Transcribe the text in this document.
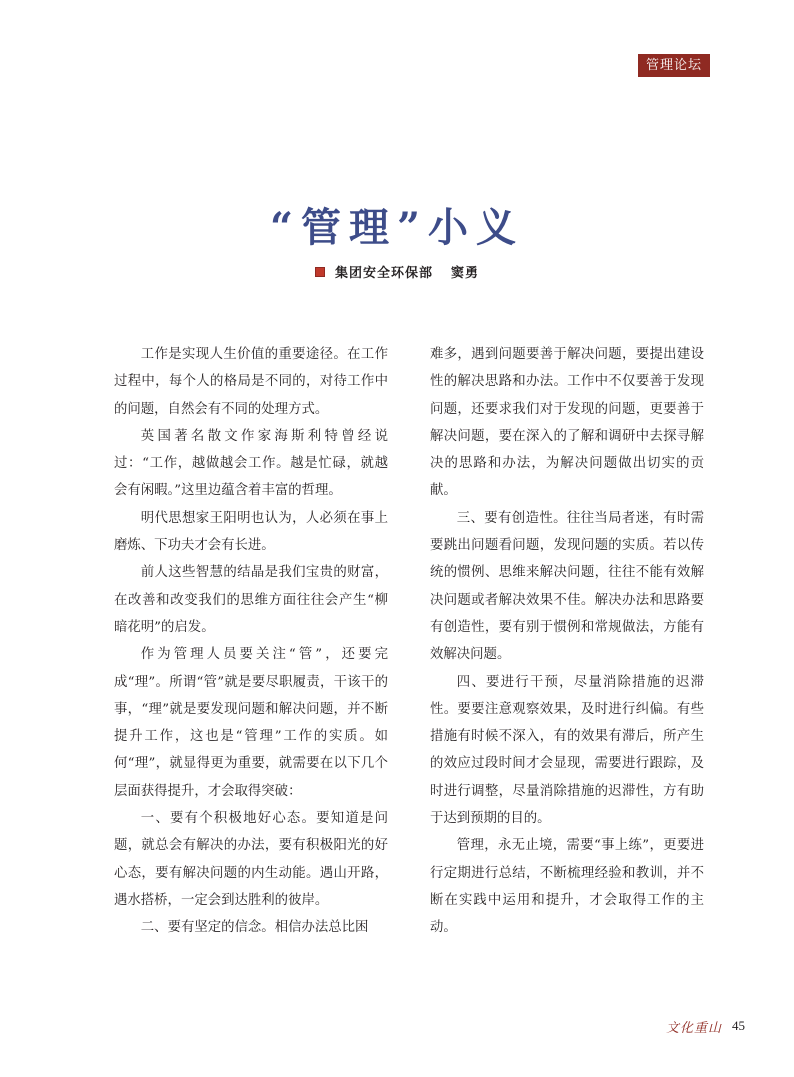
管理论坛
“管理”小义
集团安全环保部 窦勇

工作是实现人生价值的重要途径。在工作过程中，每个人的格局是不同的，对待工作中的问题，自然会有不同的处理方式。

英国著名散文作家海斯利特曾经说过：“工作，越做越会工作。越是忙碌，就越会有闲暇。”这里边蕴含着丰富的哲理。

明代思想家王阳明也认为，人必须在事上磨炼、下功夫才会有长进。

前人这些智慧的结晶是我们宝贵的财富，在改善和改变我们的思维方面往往会产生“柳暗花明”的启发。

作为管理人员要关注“管”，还要完成“理”。所谓“管”就是要尽职履责，干该干的事，“理”就是要发现问题和解决问题，并不断提升工作，这也是“管理”工作的实质。如何“理”，就显得更为重要，就需要在以下几个层面获得提升，才会取得突破：

一、要有个积极地好心态。要知道是问题，就总会有解决的办法，要有积极阳光的好心态，要有解决问题的内生动能。遇山开路，遇水搭桥，一定会到达胜利的彼岸。

二、要有坚定的信念。相信办法总比困

难多，遇到问题要善于解决问题，要提出建设性的解决思路和办法。工作中不仅要善于发现问题，还要求我们对于发现的问题，更要善于解决问题，要在深入的了解和调研中去探寻解决的思路和办法，为解决问题做出切实的贡献。

三、要有创造性。往往当局者迷，有时需要跳出问题看问题，发现问题的实质。若以传统的惯例、思维来解决问题，往往不能有效解决问题或者解决效果不佳。解决办法和思路要有创造性，要有别于惯例和常规做法，方能有效解决问题。

四、要进行干预，尽量消除措施的迟滞性。要要注意观察效果，及时进行纠偏。有些措施有时候不深入，有的效果有滞后，所产生的效应过段时间才会显现，需要进行跟踪，及时进行调整，尽量消除措施的迟滞性，方有助于达到预期的目的。

管理，永无止境，需要“事上练”，更要进行定期进行总结，不断梳理经验和教训，并不断在实践中运用和提升，才会取得工作的主动。

文化重山 45
